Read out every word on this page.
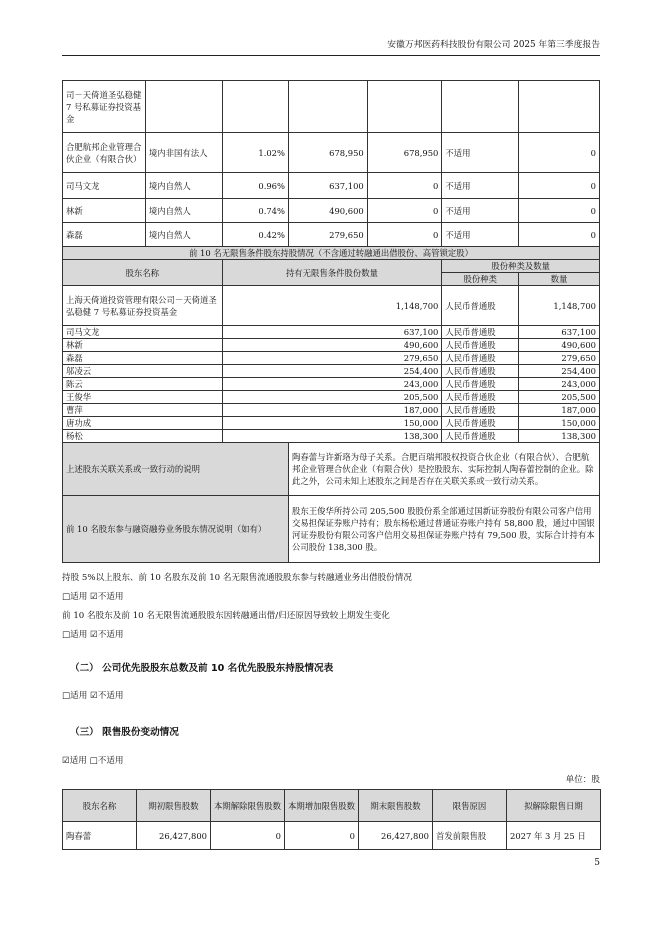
安徽万邦医药科技股份有限公司 2025 年第三季度报告
司－天倚道圣弘稳健 7 号私募证券投资基金						
合肥航邦企业管理合伙企业（有限合伙）	境内非国有法人	1.02%	678,950	678,950	不适用	0
司马文龙	境内自然人	0.96%	637,100	0	不适用	0
林新	境内自然人	0.74%	490,600	0	不适用	0
森磊	境内自然人	0.42%	279,650	0	不适用	0
前 10 名无限售条件股东持股情况（不含通过转融通出借股份、高管锁定股）						
股东名称		持有无限售条件股份数量			股份种类及数量	
					股份种类	数量
上海天倚道投资管理有限公司－天倚道圣弘稳健 7 号私募证券投资基金		1,148,700			人民币普通股	1,148,700
司马文龙		637,100			人民币普通股	637,100
林新		490,600			人民币普通股	490,600
森磊		279,650			人民币普通股	279,650
邬凌云		254,400			人民币普通股	254,400
陈云		243,000			人民币普通股	243,000
王俊华		205,500			人民币普通股	205,500
曹萍		187,000			人民币普通股	187,000
唐功成		150,000			人民币普通股	150,000
杨松		138,300			人民币普通股	138,300
上述股东关联关系或一致行动的说明			陶春蕾与许新珞为母子关系。合肥百瑞邦股权投资合伙企业（有限合伙）、合肥航邦企业管理合伙企业（有限合伙）是控股股东、实际控制人陶春蕾控制的企业。除此之外，公司未知上述股东之间是否存在关联关系或一致行动关系。			
前 10 名股东参与融资融券业务股东情况说明（如有）			股东王俊华所持公司 205,500 股股份系全部通过国新证券股份有限公司客户信用交易担保证券账户持有；股东杨松通过普通证券账户持有 58,800 股，通过中国银河证券股份有限公司客户信用交易担保证券账户持有 79,500 股，实际合计持有本公司股份 138,300 股。			
持股 5%以上股东、前 10 名股东及前 10 名无限售流通股股东参与转融通业务出借股份情况
□适用 ☑不适用
前 10 名股东及前 10 名无限售流通股股东因转融通出借/归还原因导致较上期发生变化
□适用 ☑不适用
（二） 公司优先股股东总数及前 10 名优先股股东持股情况表
□适用 ☑不适用
（三） 限售股份变动情况
☑适用 □不适用
单位：股
股东名称	期初限售股数	本期解除限售股数	本期增加限售股数	期末限售股数	限售原因	拟解除限售日期
陶春蕾	26,427,800	0	0	26,427,800	首发前限售股	2027 年 3 月 25 日
5
